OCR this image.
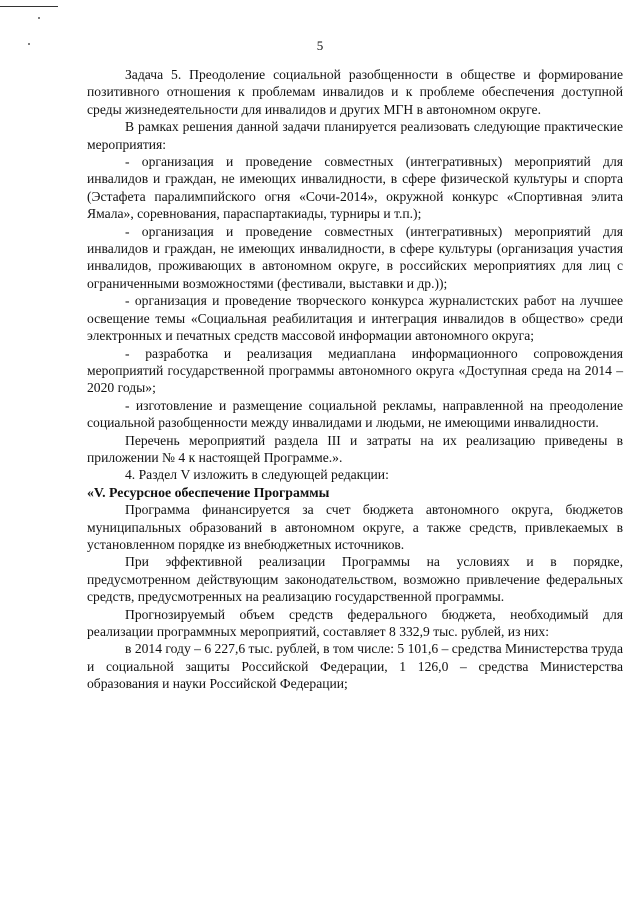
5

Задача 5. Преодоление социальной разобщенности в обществе и формирование позитивного отношения к проблемам инвалидов и к проблеме обеспечения доступной среды жизнедеятельности для инвалидов и других МГН в автономном округе.

В рамках решения данной задачи планируется реализовать следующие практические мероприятия:

- организация и проведение совместных (интегративных) мероприятий для инвалидов и граждан, не имеющих инвалидности, в сфере физической культуры и спорта (Эстафета паралимпийского огня «Сочи-2014», окружной конкурс «Спортивная элита Ямала», соревнования, параспартакиады, турниры и т.п.);

- организация и проведение совместных (интегративных) мероприятий для инвалидов и граждан, не имеющих инвалидности, в сфере культуры (организация участия инвалидов, проживающих в автономном округе, в российских мероприятиях для лиц с ограниченными возможностями (фестивали, выставки и др.));

- организация и проведение творческого конкурса журналистских работ на лучшее освещение темы «Социальная реабилитация и интеграция инвалидов в общество» среди электронных и печатных средств массовой информации автономного округа;

- разработка и реализация медиаплана информационного сопровождения мероприятий государственной программы автономного округа «Доступная среда на 2014 – 2020 годы»;

- изготовление и размещение социальной рекламы, направленной на преодоление социальной разобщенности между инвалидами и людьми, не имеющими инвалидности.

Перечень мероприятий раздела III и затраты на их реализацию приведены в приложении № 4 к настоящей Программе.».

4. Раздел V изложить в следующей редакции:

«V. Ресурсное обеспечение Программы

Программа финансируется за счет бюджета автономного округа, бюджетов муниципальных образований в автономном округе, а также средств, привлекаемых в установленном порядке из внебюджетных источников.

При эффективной реализации Программы на условиях и в порядке, предусмотренном действующим законодательством, возможно привлечение федеральных средств, предусмотренных на реализацию государственной программы.

Прогнозируемый объем средств федерального бюджета, необходимый для реализации программных мероприятий, составляет 8 332,9 тыс. рублей, из них:

в 2014 году – 6 227,6 тыс. рублей, в том числе: 5 101,6 – средства Министерства труда и социальной защиты Российской Федерации, 1 126,0 – средства Министерства образования и науки Российской Федерации;
